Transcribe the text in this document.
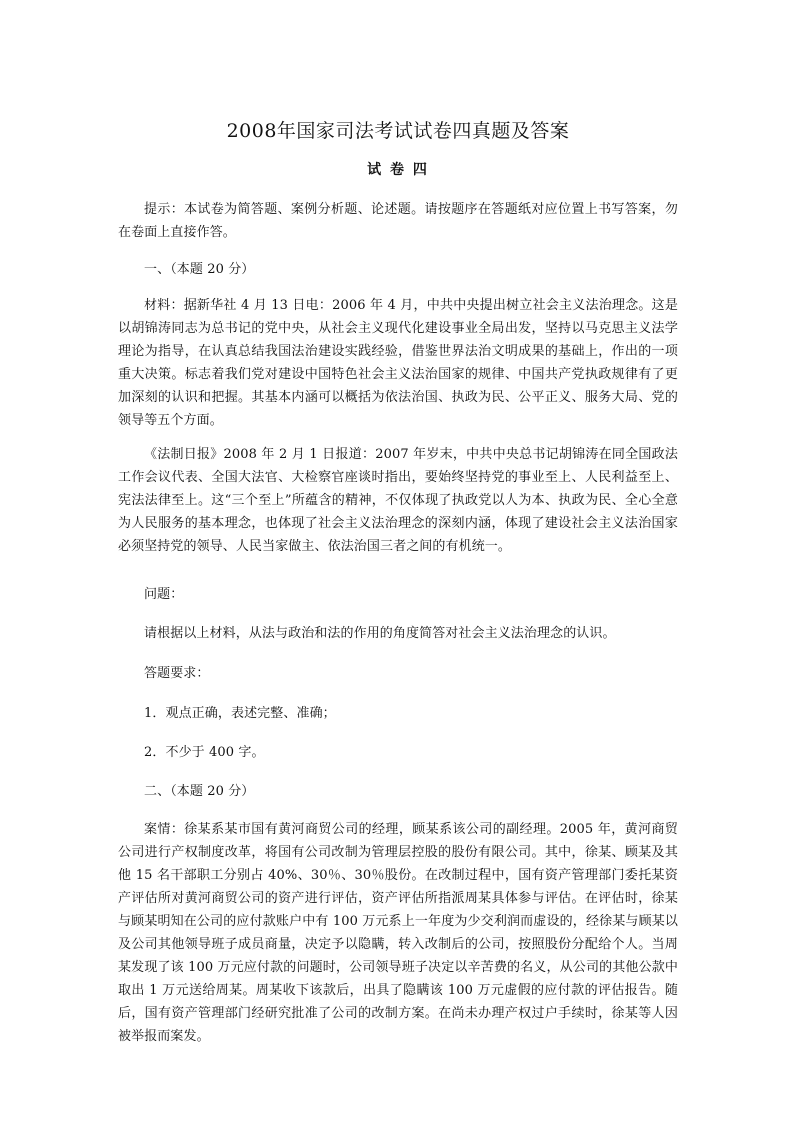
2008年国家司法考试试卷四真题及答案
试 卷 四

提示：本试卷为简答题、案例分析题、论述题。请按题序在答题纸对应位置上书写答案，勿在卷面上直接作答。

一、（本题 20 分）

材料：据新华社 4 月 13 日电：2006 年 4 月，中共中央提出树立社会主义法治理念。这是以胡锦涛同志为总书记的党中央，从社会主义现代化建设事业全局出发，坚持以马克思主义法学理论为指导，在认真总结我国法治建设实践经验，借鉴世界法治文明成果的基础上，作出的一项重大决策。标志着我们党对建设中国特色社会主义法治国家的规律、中国共产党执政规律有了更加深刻的认识和把握。其基本内涵可以概括为依法治国、执政为民、公平正义、服务大局、党的领导等五个方面。

《法制日报》2008 年 2 月 1 日报道：2007 年岁末，中共中央总书记胡锦涛在同全国政法工作会议代表、全国大法官、大检察官座谈时指出，要始终坚持党的事业至上、人民利益至上、宪法法律至上。这“三个至上”所蕴含的精神，不仅体现了执政党以人为本、执政为民、全心全意为人民服务的基本理念，也体现了社会主义法治理念的深刻内涵，体现了建设社会主义法治国家必须坚持党的领导、人民当家做主、依法治国三者之间的有机统一。

问题：

请根据以上材料，从法与政治和法的作用的角度简答对社会主义法治理念的认识。

答题要求：

1．观点正确，表述完整、准确；

2．不少于 400 字。

二、（本题 20 分）

案情：徐某系某市国有黄河商贸公司的经理，顾某系该公司的副经理。2005 年，黄河商贸公司进行产权制度改革，将国有公司改制为管理层控股的股份有限公司。其中，徐某、顾某及其他 15 名干部职工分别占 40%、30％、30％股份。在改制过程中，国有资产管理部门委托某资产评估所对黄河商贸公司的资产进行评估，资产评估所指派周某具体参与评估。在评估时，徐某与顾某明知在公司的应付款账户中有 100 万元系上一年度为少交利润而虚设的，经徐某与顾某以及公司其他领导班子成员商量，决定予以隐瞒，转入改制后的公司，按照股份分配给个人。当周某发现了该 100 万元应付款的问题时，公司领导班子决定以辛苦费的名义，从公司的其他公款中取出 1 万元送给周某。周某收下该款后，出具了隐瞒该 100 万元虚假的应付款的评估报告。随后，国有资产管理部门经研究批准了公司的改制方案。在尚未办理产权过户手续时，徐某等人因被举报而案发。
